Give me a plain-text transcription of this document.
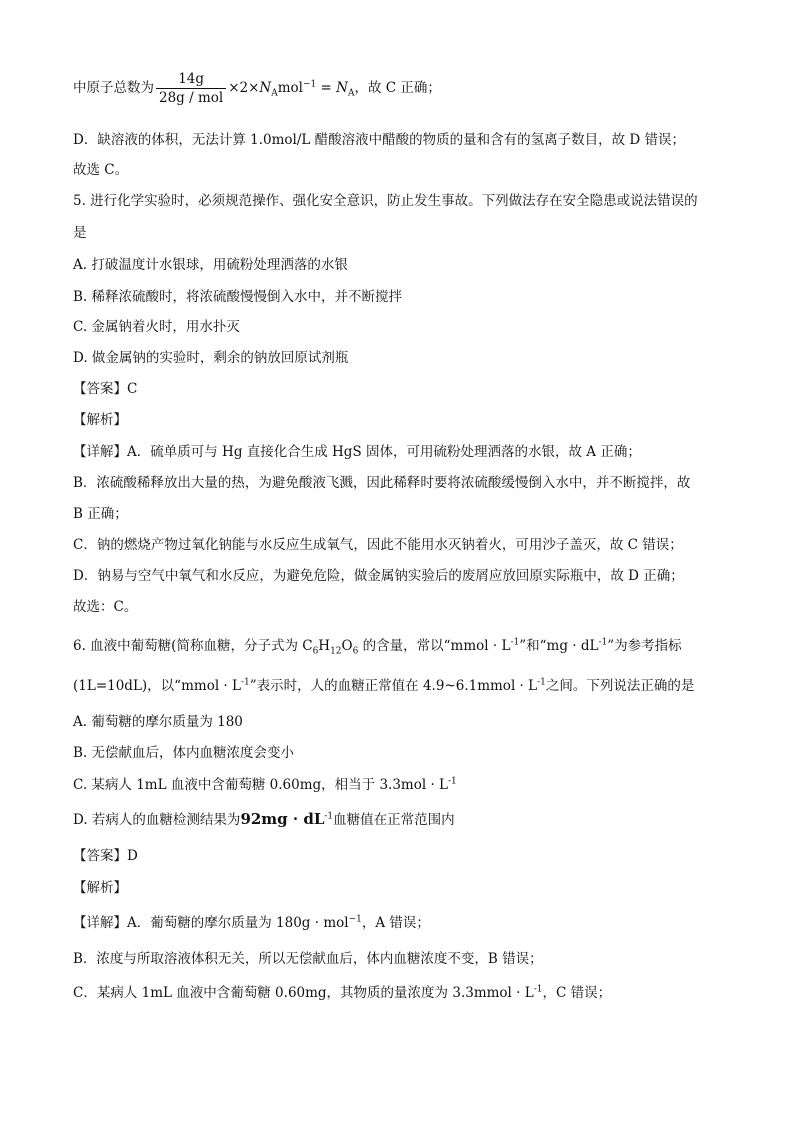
中原子总数为 $\frac{14g}{\text{28g / mol}} \times 2\times N_Amol^{-1} = N_A$，故 C 正确；
D．缺溶液的体积，无法计算 1.0mol/L 醋酸溶液中醋酸的物质的量和含有的氢离子数目，故 D 错误；
故选 C。
5. 进行化学实验时，必须规范操作、强化安全意识，防止发生事故。下列做法存在安全隐患或说法错误的
是
A. 打破温度计水银球，用硫粉处理洒落的水银
B. 稀释浓硫酸时，将浓硫酸慢慢倒入水中，并不断搅拌
C. 金属钠着火时，用水扑灭
D. 做金属钠的实验时，剩余的钠放回原试剂瓶
【答案】C
【解析】
【详解】A．硫单质可与 Hg 直接化合生成 HgS 固体，可用硫粉处理洒落的水银，故 A 正确；
B．浓硫酸稀释放出大量的热，为避免酸液飞溅，因此稀释时要将浓硫酸缓慢倒入水中，并不断搅拌，故
B 正确；
C．钠的燃烧产物过氧化钠能与水反应生成氧气，因此不能用水灭钠着火，可用沙子盖灭，故 C 错误；
D．钠易与空气中氧气和水反应，为避免危险，做金属钠实验后的废屑应放回原实际瓶中，故 D 正确；
故选：C。
6. 血液中葡萄糖(简称血糖，分子式为 $C_6H_{12}O_6$ 的含量，常以“mmol · $L^{-1}$”和“mg · $dL^{-1}$”为参考指标
(1L=10dL)，以“mmol · $L^{-1}$”表示时，人的血糖正常值在 4.9~6.1mmol · $L^{-1}$之间。下列说法正确的是
A. 葡萄糖的摩尔质量为 180
B. 无偿献血后，体内血糖浓度会变小
C. 某病人 1mL 血液中含葡萄糖 0.60mg，相当于 $3.3mol \cdot L^{-1}$
D. 若病人的血糖检测结果为$92mg \cdot dL^{-1}$血糖值在正常范围内
【答案】D
【解析】
【详解】A．葡萄糖的摩尔质量为 180g · mol$^{-1}$，A 错误；
B．浓度与所取溶液体积无关，所以无偿献血后，体内血糖浓度不变，B 错误；
C．某病人 1mL 血液中含葡萄糖 0.60mg，其物质的量浓度为 3.3mmol · $L^{-1}$，C 错误；
